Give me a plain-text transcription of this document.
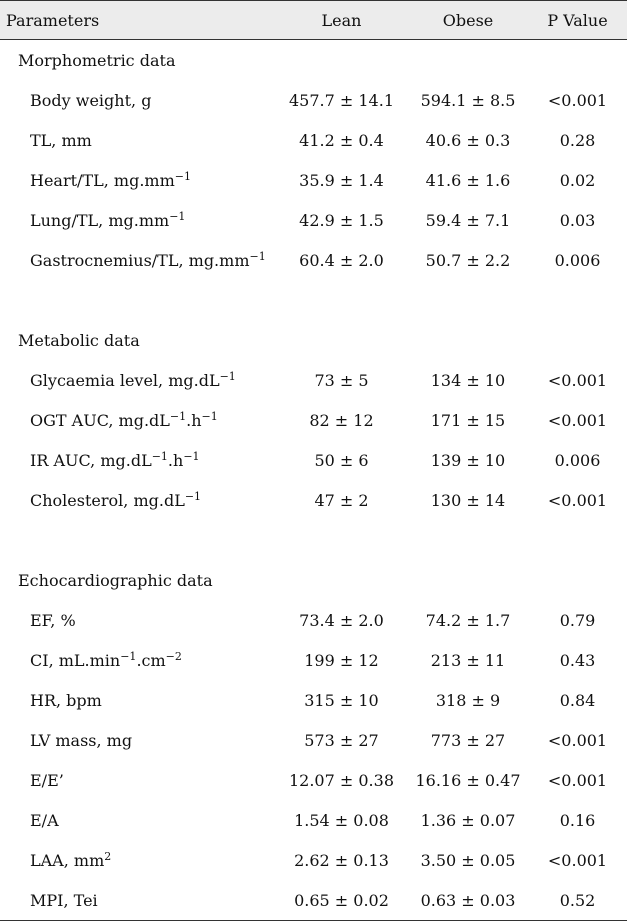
Parameters	Lean	Obese	P Value
Morphometric data			
Body weight, g	457.7 ± 14.1	594.1 ± 8.5	<0.001
TL, mm	41.2 ± 0.4	40.6 ± 0.3	0.28
Heart/TL, $mg.mm^{-1}$	35.9 ± 1.4	41.6 ± 1.6	0.02
Lung/TL, $mg.mm^{-1}$	42.9 ± 1.5	59.4 ± 7.1	0.03
Gastrocnemius/TL, $mg.mm^{-1}$	60.4 ± 2.0	50.7 ± 2.2	0.006

Metabolic data			
Glycaemia level, $mg.dL^{-1}$	73 ± 5	134 ± 10	<0.001
OGT AUC, $mg.dL^{-1}.h^{-1}$	82 ± 12	171 ± 15	<0.001
IR AUC, $mg.dL^{-1}.h^{-1}$	50 ± 6	139 ± 10	0.006
Cholesterol, $mg.dL^{-1}$	47 ± 2	130 ± 14	<0.001

Echocardiographic data			
EF, %	73.4 ± 2.0	74.2 ± 1.7	0.79
CI, $mL.\min^{-1}.cm^{-2}$	199 ± 12	213 ± 11	0.43
HR, bpm	315 ± 10	318 ± 9	0.84
LV mass, mg	573 ± 27	773 ± 27	<0.001
E/E’	12.07 ± 0.38	16.16 ± 0.47	<0.001
E/A	1.54 ± 0.08	1.36 ± 0.07	0.16
LAA, $mm^2$	2.62 ± 0.13	3.50 ± 0.05	<0.001
MPI, Tei	0.65 ± 0.02	0.63 ± 0.03	0.52
